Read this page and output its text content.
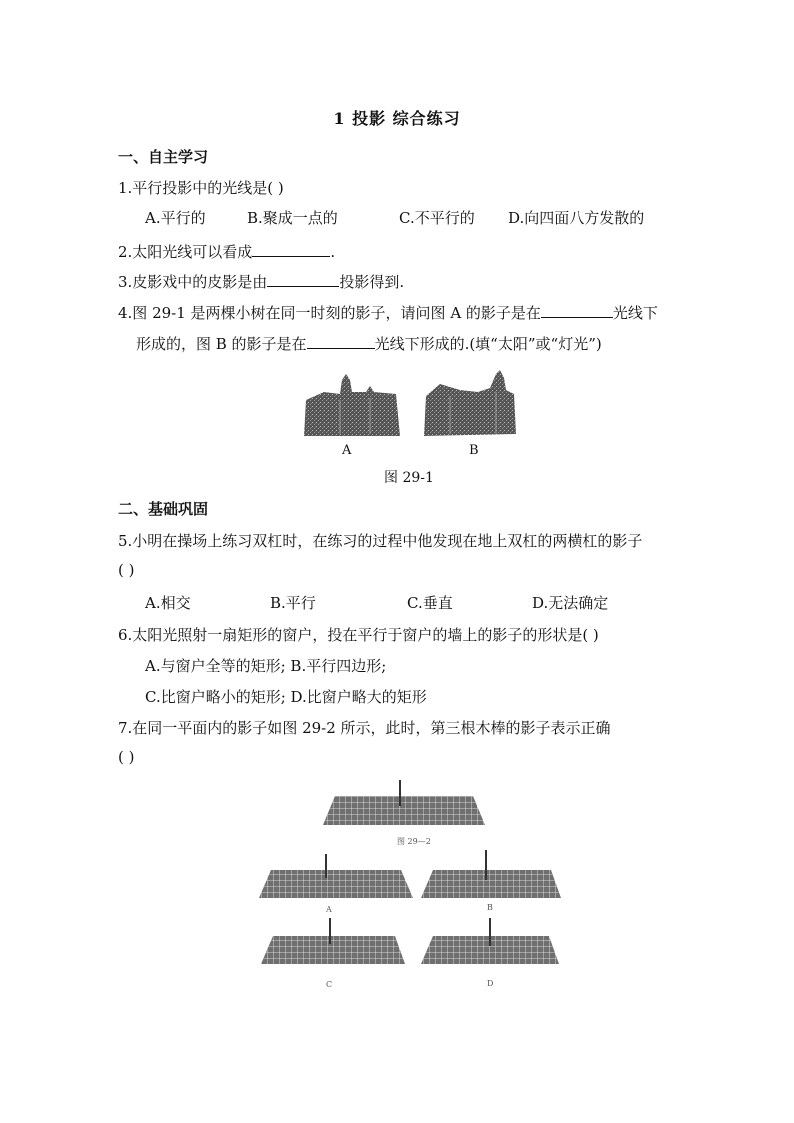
1 投影 综合练习
一、自主学习
1.平行投影中的光线是( )
A.平行的	B.聚成一点的	C.不平行的 D.向四面八方发散的
2.太阳光线可以看成	.
3.皮影戏中的皮影是由	投影得到.
4.图 29-1 是两棵小树在同一时刻的影子，请问图 A 的影子是在	光线下
形成的，图 B 的影子是在	光线下形成的.(填“太阳”或“灯光”)
A	B
图 29-1
二、基础巩固
5.小明在操场上练习双杠时，在练习的过程中他发现在地上双杠的两横杠的影子
( )
A.相交	B.平行	C.垂直	D.无法确定
6.太阳光照射一扇矩形的窗户，投在平行于窗户的墙上的影子的形状是( )
A.与窗户全等的矩形; B.平行四边形;
C.比窗户略小的矩形; D.比窗户略大的矩形
7.在同一平面内的影子如图 29-2 所示，此时，第三根木棒的影子表示正确
( )
图 29—2
A	B
C	D
